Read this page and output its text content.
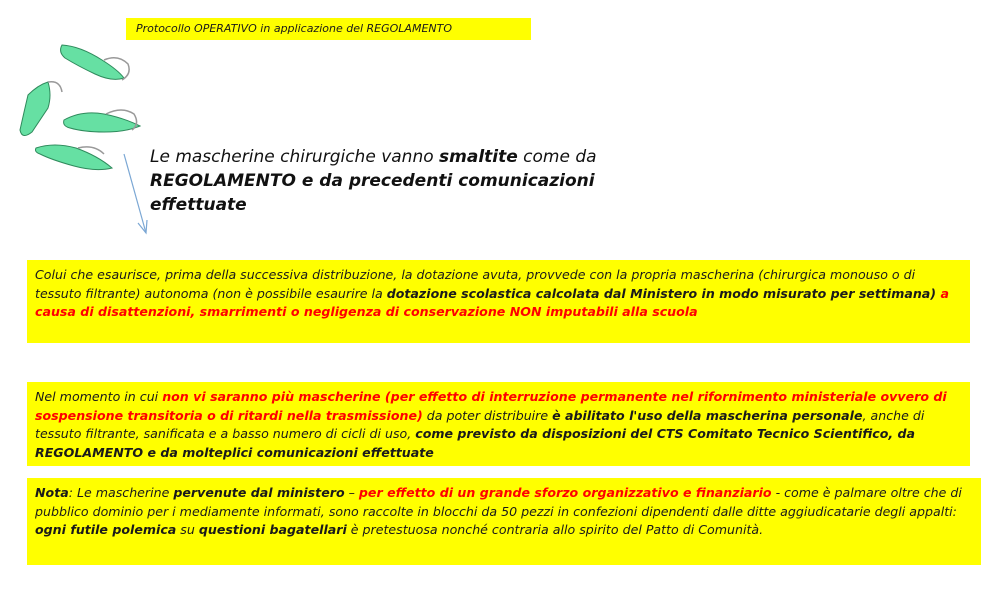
Protocollo OPERATIVO in applicazione del REGOLAMENTO
Le mascherine chirurgiche vanno smaltite come da REGOLAMENTO e da precedenti comunicazioni effettuate
Colui che esaurisce, prima della successiva distribuzione, la dotazione avuta, provvede con la propria mascherina (chirurgica monouso o di tessuto filtrante) autonoma (non è possibile esaurire la dotazione scolastica calcolata dal Ministero in modo misurato per settimana) a causa di disattenzioni, smarrimenti o negligenza di conservazione NON imputabili alla scuola
Nel momento in cui non vi saranno più mascherine (per effetto di interruzione permanente nel rifornimento ministeriale ovvero di sospensione transitoria o di ritardi nella trasmissione) da poter distribuire è abilitato l'uso della mascherina personale, anche di tessuto filtrante, sanificata e a basso numero di cicli di uso, come previsto da disposizioni del CTS Comitato Tecnico Scientifico, da REGOLAMENTO e da molteplici comunicazioni effettuate
Nota: Le mascherine pervenute dal ministero – per effetto di un grande sforzo organizzativo e finanziario - come è palmare oltre che di pubblico dominio per i mediamente informati, sono raccolte in blocchi da 50 pezzi in confezioni dipendenti dalle ditte aggiudicatarie degli appalti: ogni futile polemica su questioni bagatellari è pretestuosa nonché contraria allo spirito del Patto di Comunità.
